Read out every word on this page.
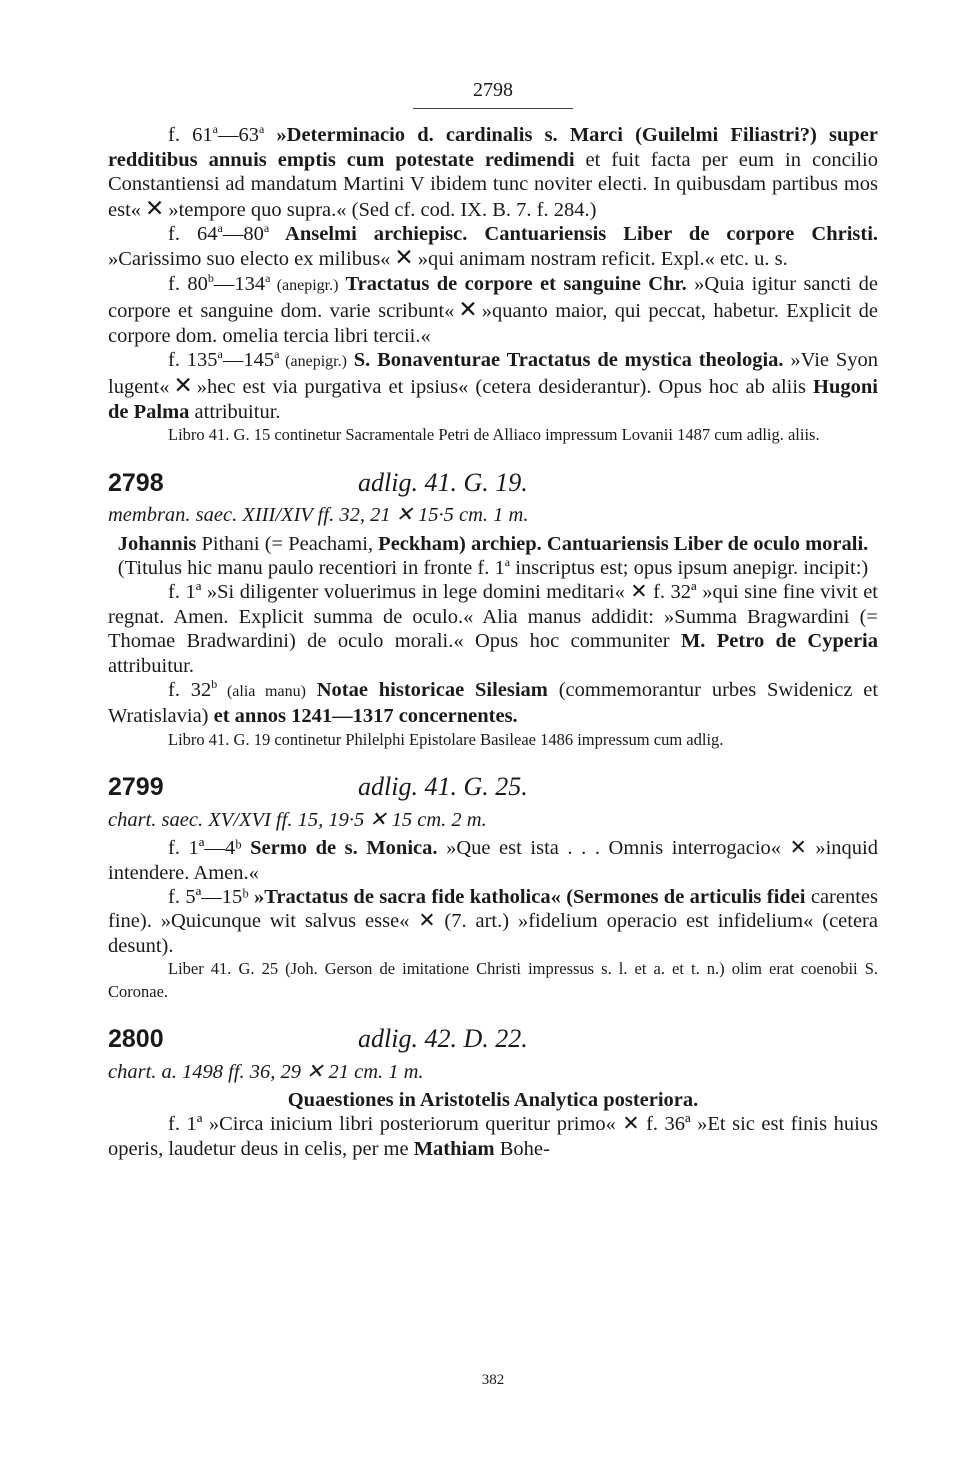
2798

f. 61$^a$—63$^a$ »Determinacio d. cardinalis s. Marci (Guilelmi Filiastri?) super redditibus annuis emptis cum potestate redimendi et fuit facta per eum in concilio Constantiensi ad mandatum Martini V ibidem tunc noviter electi. In quibusdam partibus mos est« ✕ »tempore quo supra.« (Sed cf. cod. IX. B. 7. f. 284.)

f. 64$^a$—80$^a$ Anselmi archiepisc. Cantuariensis Liber de corpore Christi. »Carissimo suo electo ex milibus« ✕ »qui animam nostram reficit. Expl.« etc. u. s.

f. 80$^b$—134$^a$ (anepigr.) Tractatus de corpore et sanguine Chr. »Quia igitur sancti de corpore et sanguine dom. varie scribunt« ✕ »quanto maior, qui peccat, habetur. Explicit de corpore dom. omelia tercia libri tercii.«

f. 135$^a$—145$^a$ (anepigr.) S. Bonaventurae Tractatus de mystica theologia. »Vie Syon lugent« ✕ »hec est via purgativa et ipsius« (cetera desiderantur). Opus hoc ab aliis Hugoni de Palma attribuitur.

Libro 41. G. 15 continetur Sacramentale Petri de Alliaco impressum Lovanii 1487 cum adlig. aliis.

2798	adlig. 41. G. 19.
membran. saec. XIII/XIV ff. 32, 21 ✕ 15·5 cm. 1 m.

Johannis Pithani (= Peachami, Peckham) archiep. Cantuariensis Liber de oculo morali. (Titulus hic manu paulo recentiori in fronte f. 1$^a$ inscriptus est; opus ipsum anepigr. incipit:)

f. 1ª »Si diligenter voluerimus in lege domini meditari« ✕ f. 32ª »qui sine fine vivit et regnat. Amen. Explicit summa de oculo.« Alia manus addidit: »Summa Bragwardini (= Thomae Bradwardini) de oculo morali.« Opus hoc communiter M. Petro de Cyperia attribuitur.

f. 32$^b$ (alia manu) Notae historicae Silesiam (commemorantur urbes Swidenicz et Wratislavia) et annos 1241—1317 concernentes.

Libro 41. G. 19 continetur Philelphi Epistolare Basileae 1486 impressum cum adlig.

2799	adlig. 41. G. 25.
chart. saec. XV/XVI ff. 15, 19·5 ✕ 15 cm. 2 m.

f. 1ª—4ᵇ Sermo de s. Monica. »Que est ista . . . Omnis interrogacio« ✕ »inquid intendere. Amen.«

f. 5ª—15ᵇ »Tractatus de sacra fide katholica« (Sermones de articulis fidei carentes fine). »Quicunque wit salvus esse« ✕ (7. art.) »fidelium operacio est infidelium« (cetera desunt).

Liber 41. G. 25 (Joh. Gerson de imitatione Christi impressus s. l. et a. et t. n.) olim erat coenobii S. Coronae.

2800	adlig. 42. D. 22.
chart. a. 1498 ff. 36, 29 ✕ 21 cm. 1 m.

Quaestiones in Aristotelis Analytica posteriora.

f. 1ª »Circa inicium libri posteriorum queritur primo« ✕ f. 36ª »Et sic est finis huius operis, laudetur deus in celis, per me Mathiam Bohe-

382
